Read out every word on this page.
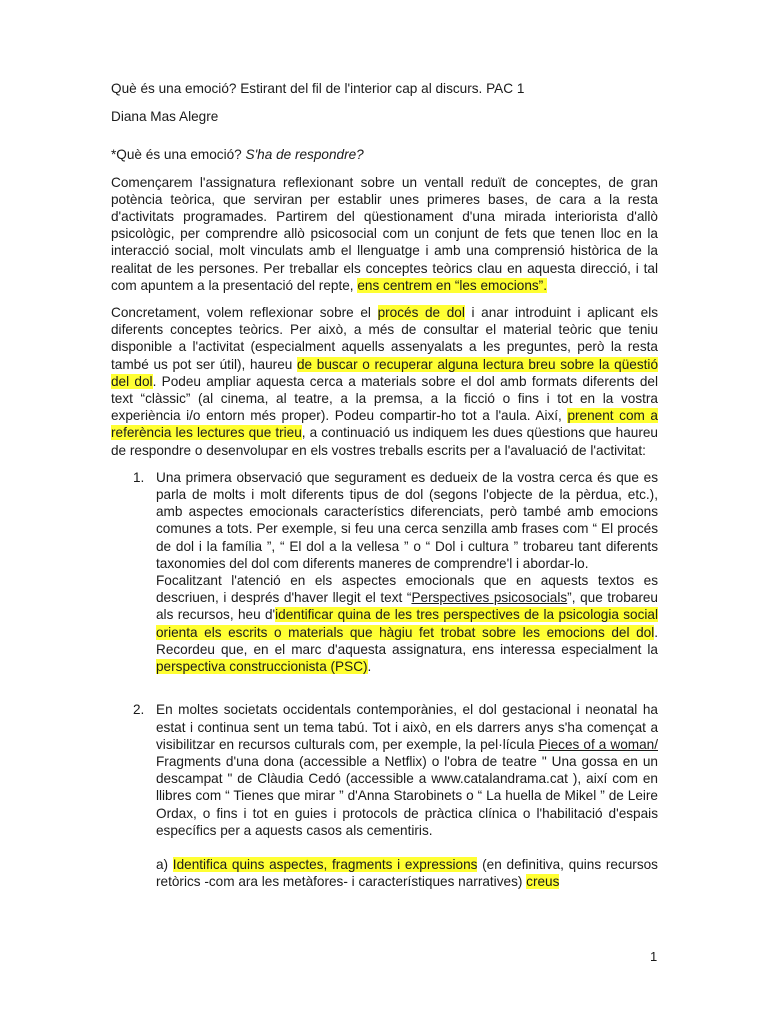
Què és una emoció? Estirant del fil de l'interior cap al discurs. PAC 1

Diana Mas Alegre

*Què és una emoció? S'ha de respondre?

Començarem l'assignatura reflexionant sobre un ventall reduït de conceptes, de gran potència teòrica, que serviran per establir unes primeres bases, de cara a la resta d'activitats programades. Partirem del qüestionament d'una mirada interiorista d'allò psicològic, per comprendre allò psicosocial com un conjunt de fets que tenen lloc en la interacció social, molt vinculats amb el llenguatge i amb una comprensió històrica de la realitat de les persones. Per treballar els conceptes teòrics clau en aquesta direcció, i tal com apuntem a la presentació del repte, ens centrem en “les emocions”.

Concretament, volem reflexionar sobre el procés de dol i anar introduint i aplicant els diferents conceptes teòrics. Per això, a més de consultar el material teòric que teniu disponible a l'activitat (especialment aquells assenyalats a les preguntes, però la resta també us pot ser útil), haureu de buscar o recuperar alguna lectura breu sobre la qüestió del dol. Podeu ampliar aquesta cerca a materials sobre el dol amb formats diferents del text “clàssic” (al cinema, al teatre, a la premsa, a la ficció o fins i tot en la vostra experiència i/o entorn més proper). Podeu compartir-ho tot a l'aula. Així, prenent com a referència les lectures que trieu, a continuació us indiquem les dues qüestions que haureu de respondre o desenvolupar en els vostres treballs escrits per a l'avaluació de l'activitat:

1. Una primera observació que segurament es dedueix de la vostra cerca és que es parla de molts i molt diferents tipus de dol (segons l'objecte de la pèrdua, etc.), amb aspectes emocionals característics diferenciats, però també amb emocions comunes a tots. Per exemple, si feu una cerca senzilla amb frases com “ El procés de dol i la família ”, “ El dol a la vellesa ” o “ Dol i cultura ” trobareu tant diferents taxonomies del dol com diferents maneres de comprendre'l i abordar-lo.

Focalitzant l'atenció en els aspectes emocionals que en aquests textos es descriuen, i després d'haver llegit el text “Perspectives psicosocials”, que trobareu als recursos, heu d'identificar quina de les tres perspectives de la psicologia social orienta els escrits o materials que hàgiu fet trobat sobre les emocions del dol. Recordeu que, en el marc d'aquesta assignatura, ens interessa especialment la perspectiva construccionista (PSC).

2. En moltes societats occidentals contemporànies, el dol gestacional i neonatal ha estat i continua sent un tema tabú. Tot i això, en els darrers anys s'ha començat a visibilitzar en recursos culturals com, per exemple, la pel·lícula Pieces of a woman/ Fragments d'una dona (accessible a Netflix) o l'obra de teatre " Una gossa en un descampat " de Clàudia Cedó (accessible a www.catalandrama.cat ), així com en llibres com “ Tienes que mirar ” d'Anna Starobinets o “ La huella de Mikel ” de Leire Ordax, o fins i tot en guies i protocols de pràctica clínica o l'habilitació d'espais específics per a aquests casos als cementiris.

a) Identifica quins aspectes, fragments i expressions (en definitiva, quins recursos retòrics -com ara les metàfores- i característiques narratives) creus

1
